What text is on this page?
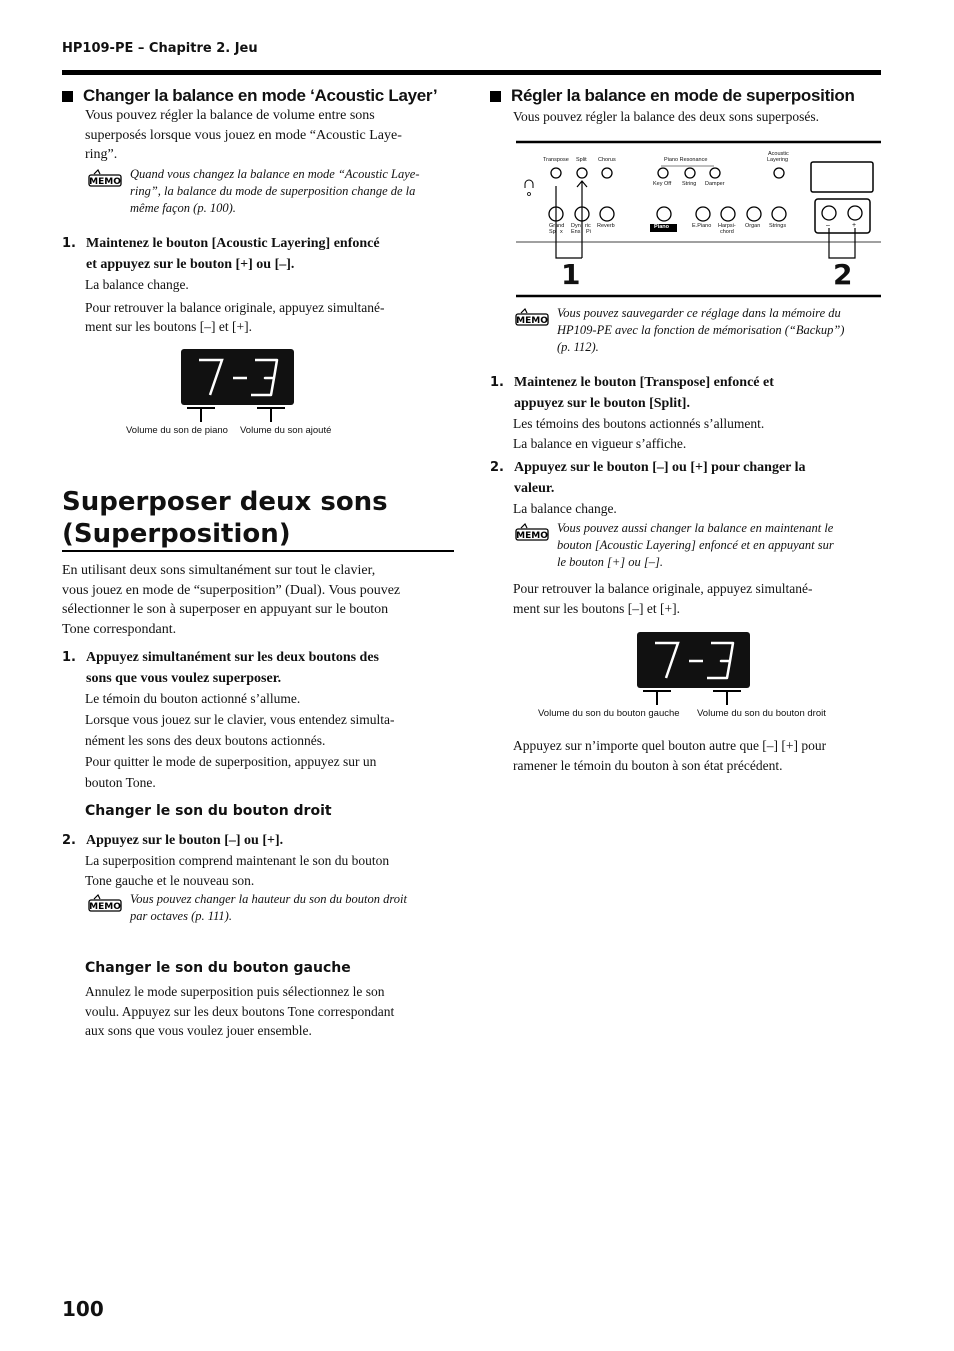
HP109-PE – Chapitre 2. Jeu
Changer la balance en mode ‘Acoustic Layer’
Vous pouvez régler la balance de volume entre sons
superposés lorsque vous jouez en mode “Acoustic Laye-
ring”.
Quand vous changez la balance en mode “Acoustic Laye-
ring”, la balance du mode de superposition change de la
même façon (p. 100).
1. Maintenez le bouton [Acoustic Layering] enfoncé
et appuyez sur le bouton [+] ou [–].
La balance change.
Pour retrouver la balance originale, appuyez simultané-
ment sur les boutons [–] et [+].
Volume du son de piano Volume du son ajouté
Superposer deux sons
(Superposition)
En utilisant deux sons simultanément sur tout le clavier,
vous jouez en mode de “superposition” (Dual). Vous pouvez
sélectionner le son à superposer en appuyant sur le bouton
Tone correspondant.
1. Appuyez simultanément sur les deux boutons des
sons que vous voulez superposer.
Le témoin du bouton actionné s’allume.
Lorsque vous jouez sur le clavier, vous entendez simulta-
nément les sons des deux boutons actionnés.
Pour quitter le mode de superposition, appuyez sur un
bouton Tone.
Changer le son du bouton droit
2. Appuyez sur le bouton [–] ou [+].
La superposition comprend maintenant le son du bouton
Tone gauche et le nouveau son.
Vous pouvez changer la hauteur du son du bouton droit
par octaves (p. 111).
Changer le son du bouton gauche
Annulez le mode superposition puis sélectionnez le son
voulu. Appuyez sur les deux boutons Tone correspondant
aux sons que vous voulez jouer ensemble.
Régler la balance en mode de superposition
Vous pouvez régler la balance des deux sons superposés.
Transpose Split Chorus	Piano Resonance
Key Off String Damper
Acoustic
Layering
Grand
Sp x
Dyn
Ens
ric
Pi
Reverb	Piano	E.Piano Harpsi-
chord
Organ Strings	–	+
1	2
Vous pouvez sauvegarder ce réglage dans la mémoire du
HP109-PE avec la fonction de mémorisation (“Backup”)
(p. 112).
1. Maintenez le bouton [Transpose] enfoncé et
appuyez sur le bouton [Split].
Les témoins des boutons actionnés s’allument.
La balance en vigueur s’affiche.
2. Appuyez sur le bouton [–] ou [+] pour changer la
valeur.
La balance change.
Vous pouvez aussi changer la balance en maintenant le
bouton [Acoustic Layering] enfoncé et en appuyant sur
le bouton [+] ou [–].
Pour retrouver la balance originale, appuyez simultané-
ment sur les boutons [–] et [+].
Volume du son du bouton gauche Volume du son du bouton droit
Appuyez sur n’importe quel bouton autre que [–] [+] pour
ramener le témoin du bouton à son état précédent.
100
